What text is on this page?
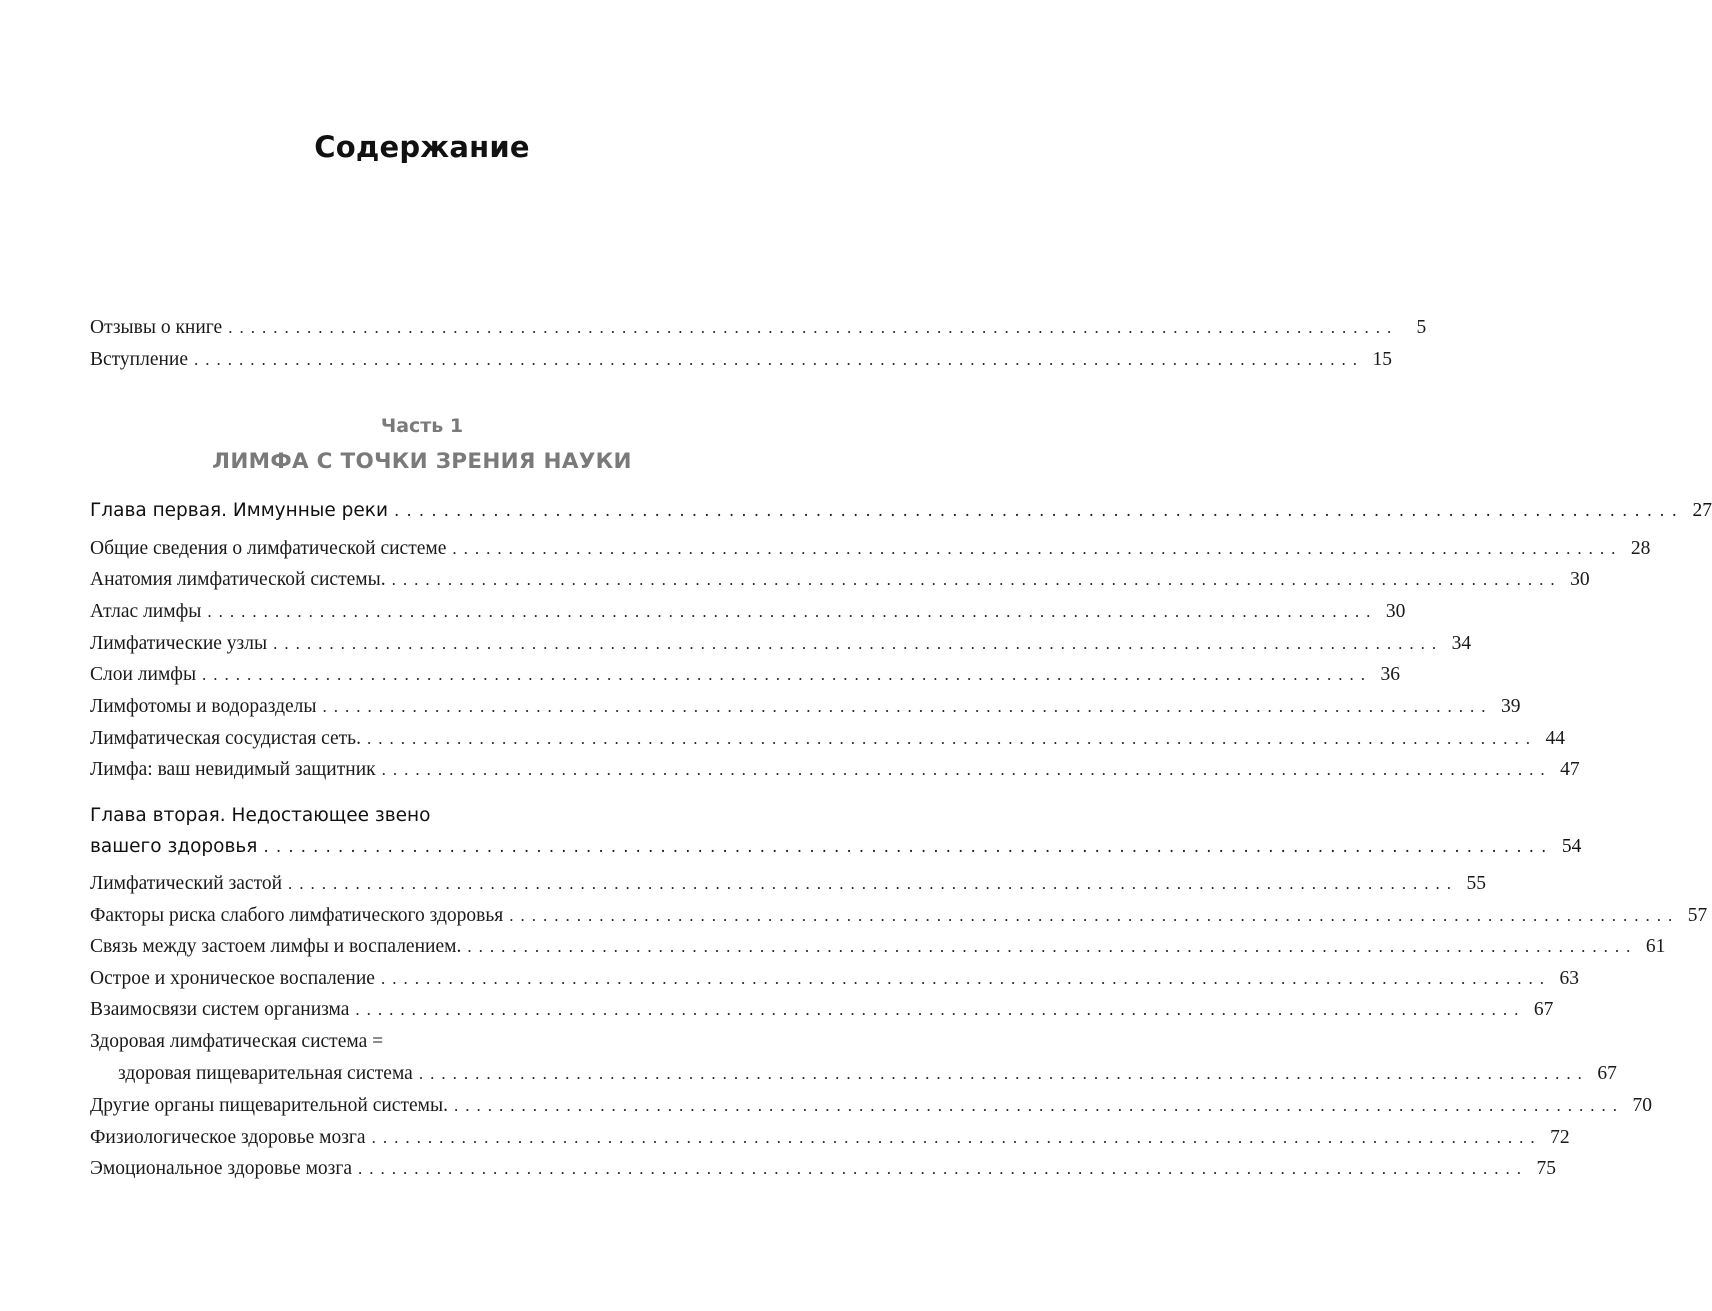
Содержание
Отзывы о книге ........................................................................................................ 5
Вступление ........................................................................................................ 15
Часть 1
ЛИМФА С ТОЧКИ ЗРЕНИЯ НАУКИ
Глава первая. Иммунные реки ........................................................................................................ 27
Общие сведения о лимфатической системе ........................................................................................................ 28
Анатомия лимфатической системы. ........................................................................................................ 30
Атлас лимфы ........................................................................................................ 30
Лимфатические узлы ........................................................................................................ 34
Слои лимфы ........................................................................................................ 36
Лимфотомы и водоразделы ........................................................................................................ 39
Лимфатическая сосудистая сеть. ........................................................................................................ 44
Лимфа: ваш невидимый защитник ........................................................................................................ 47
Глава вторая. Недостающее звено
вашего здоровья ........................................................................................................ 54
Лимфатический застой ........................................................................................................ 55
Факторы риска слабого лимфатического здоровья ........................................................................................................ 57
Связь между застоем лимфы и воспалением. ........................................................................................................ 61
Острое и хроническое воспаление ........................................................................................................ 63
Взаимосвязи систем организма ........................................................................................................ 67
Здоровая лимфатическая система =
здоровая пищеварительная система ........................................................................................................ 67
Другие органы пищеварительной системы. ........................................................................................................ 70
Физиологическое здоровье мозга ........................................................................................................ 72
Эмоциональное здоровье мозга ........................................................................................................ 75
